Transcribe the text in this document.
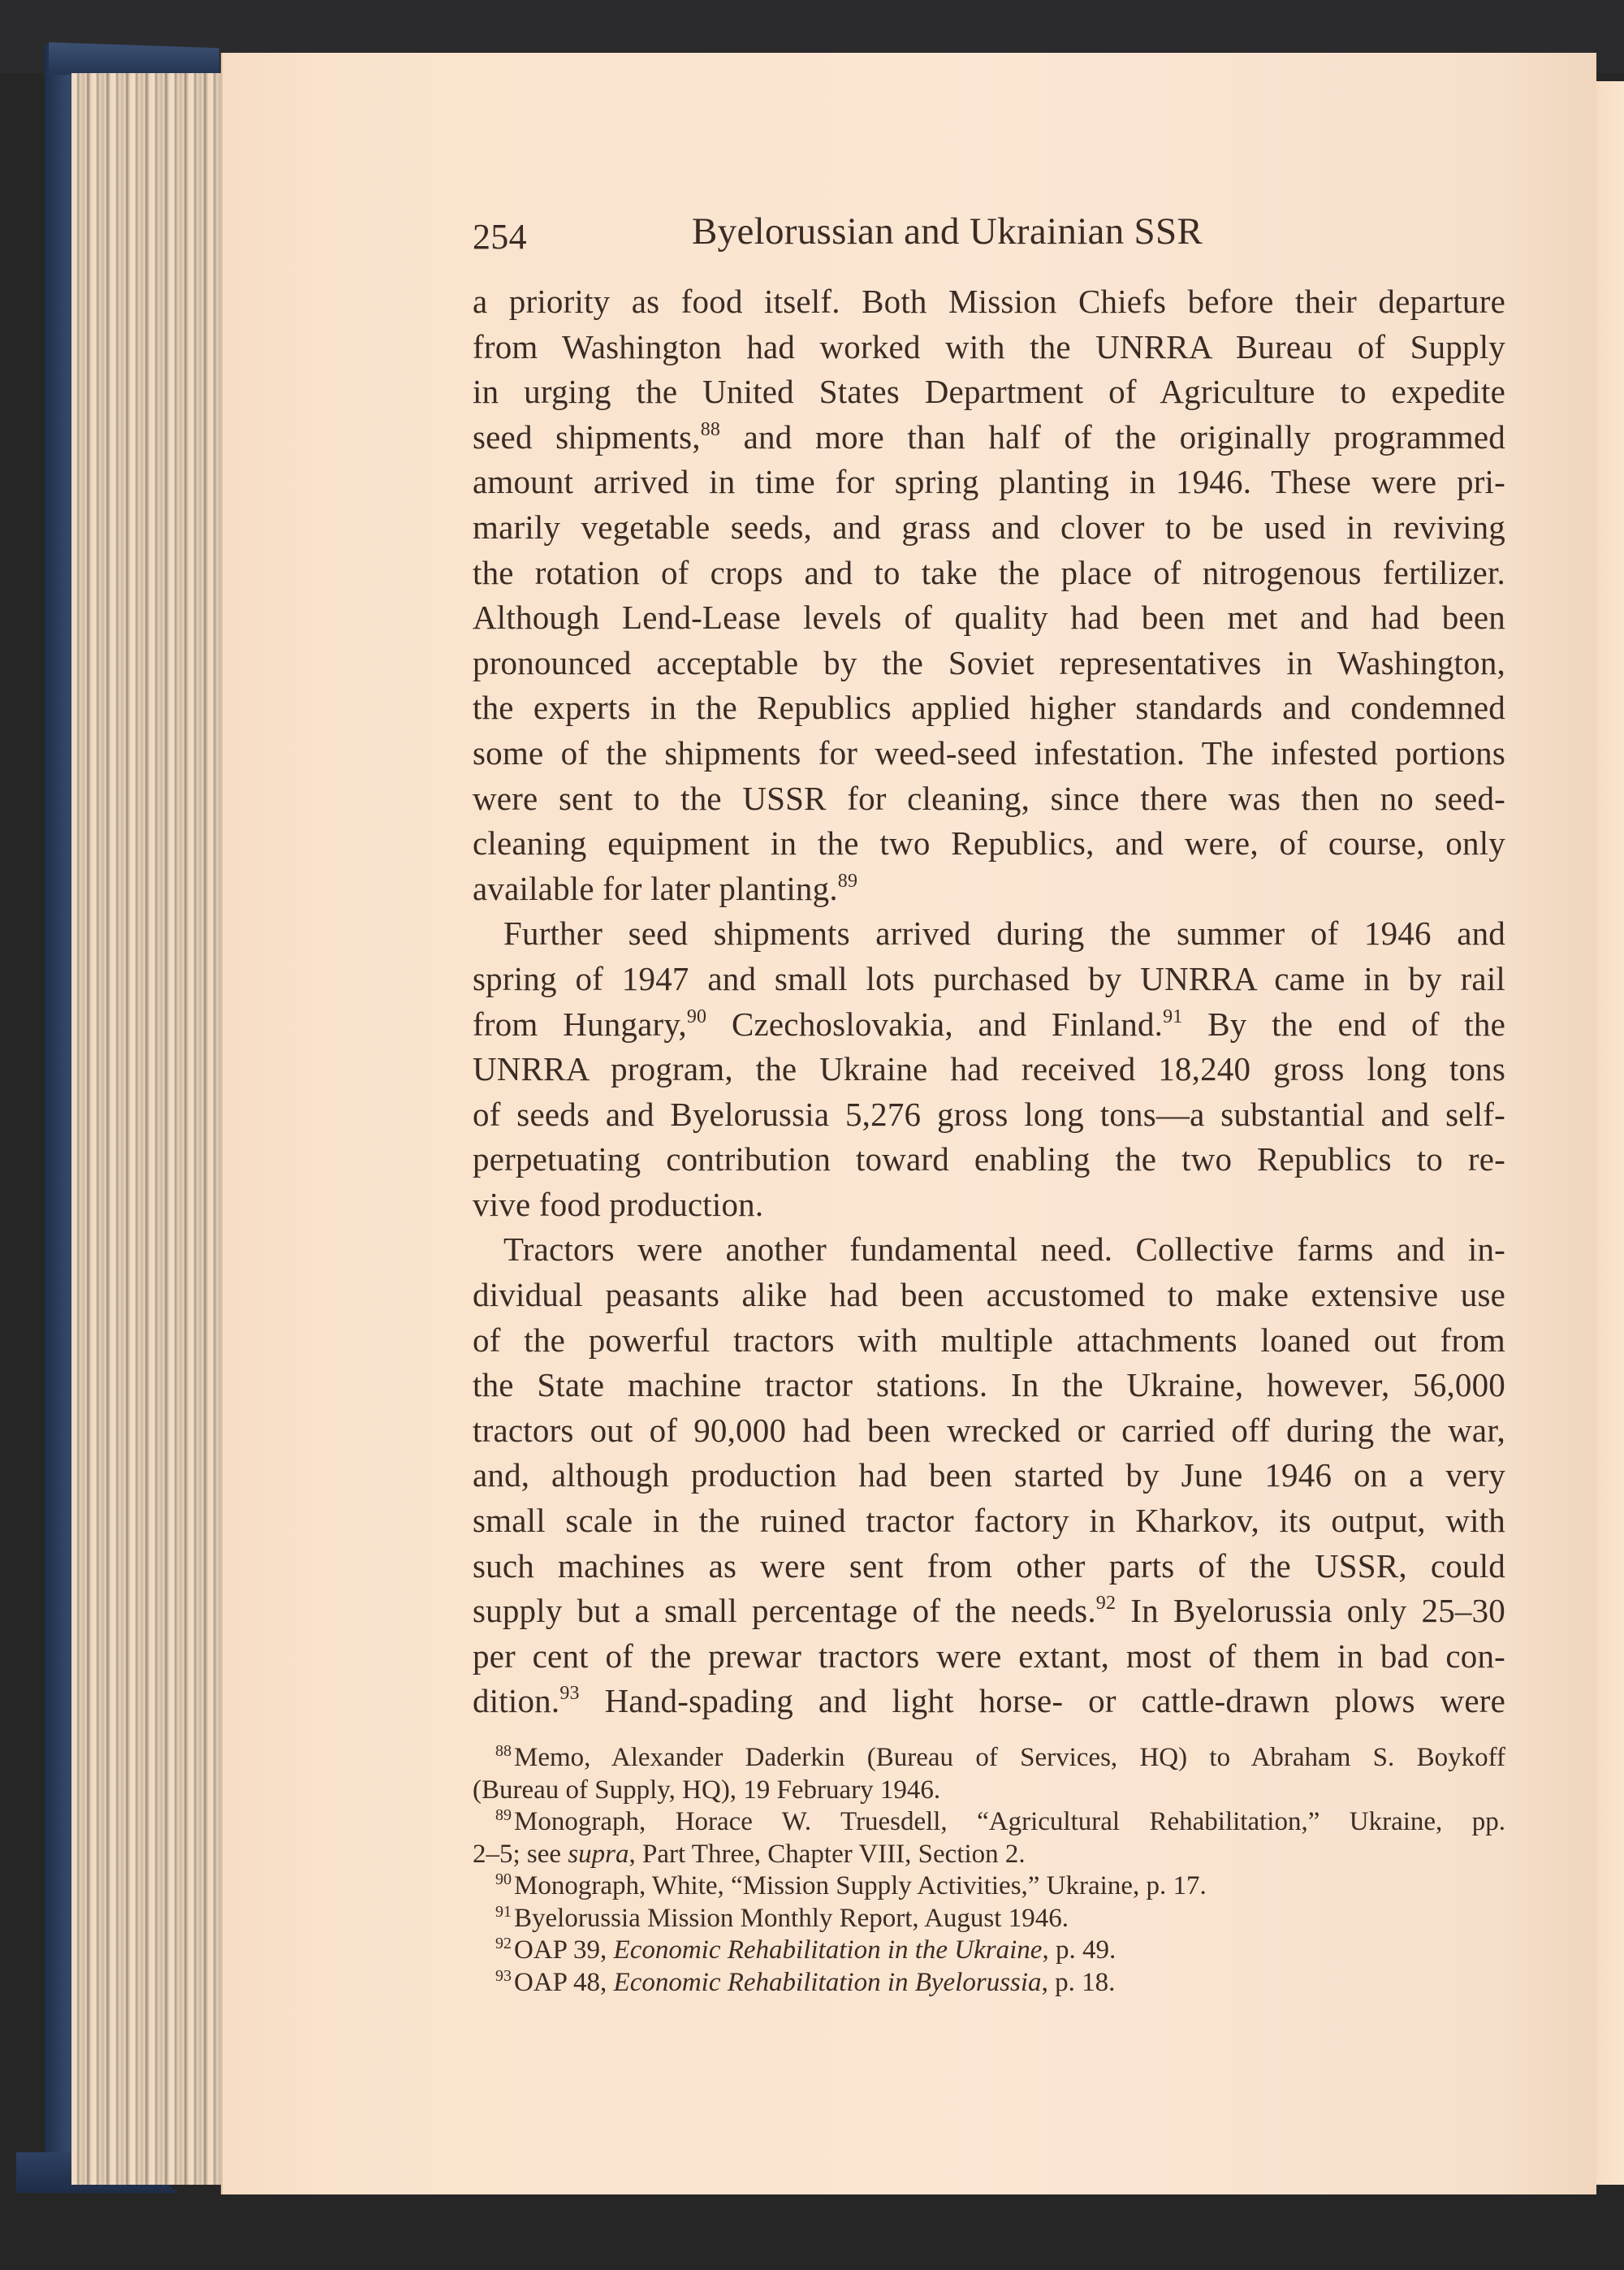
254	Byelorussian and Ukrainian SSR
a priority as food itself. Both Mission Chiefs before their departure
from Washington had worked with the UNRRA Bureau of Supply
in urging the United States Department of Agriculture to expedite
seed shipments,$^{88}$ and more than half of the originally programmed
amount arrived in time for spring planting in 1946. These were pri-
marily vegetable seeds, and grass and clover to be used in reviving
the rotation of crops and to take the place of nitrogenous fertilizer.
Although Lend-Lease levels of quality had been met and had been
pronounced acceptable by the Soviet representatives in Washington,
the experts in the Republics applied higher standards and condemned
some of the shipments for weed-seed infestation. The infested portions
were sent to the USSR for cleaning, since there was then no seed-
cleaning equipment in the two Republics, and were, of course, only
available for later planting.$^{89}$
Further seed shipments arrived during the summer of 1946 and
spring of 1947 and small lots purchased by UNRRA came in by rail
from Hungary,$^{90}$ Czechoslovakia, and Finland.$^{91}$ By the end of the
UNRRA program, the Ukraine had received 18,240 gross long tons
of seeds and Byelorussia 5,276 gross long tons—a substantial and self-
perpetuating contribution toward enabling the two Republics to re-
vive food production.
Tractors were another fundamental need. Collective farms and in-
dividual peasants alike had been accustomed to make extensive use
of the powerful tractors with multiple attachments loaned out from
the State machine tractor stations. In the Ukraine, however, 56,000
tractors out of 90,000 had been wrecked or carried off during the war,
and, although production had been started by June 1946 on a very
small scale in the ruined tractor factory in Kharkov, its output, with
such machines as were sent from other parts of the USSR, could
supply but a small percentage of the needs.$^{92}$ In Byelorussia only 25–30
per cent of the prewar tractors were extant, most of them in bad con-
dition.$^{93}$ Hand-spading and light horse- or cattle-drawn plows were
$^{88}$Memo, Alexander Daderkin (Bureau of Services, HQ) to Abraham S. Boykoff
(Bureau of Supply, HQ), 19 February 1946.
$^{89}$Monograph, Horace W. Truesdell, “Agricultural Rehabilitation,” Ukraine, pp.
2–5; see supra, Part Three, Chapter VIII, Section 2.
$^{90}$Monograph, White, “Mission Supply Activities,” Ukraine, p. 17.
$^{91}$Byelorussia Mission Monthly Report, August 1946.
$^{92}$OAP 39, Economic Rehabilitation in the Ukraine, p. 49.
$^{93}$OAP 48, Economic Rehabilitation in Byelorussia, p. 18.
